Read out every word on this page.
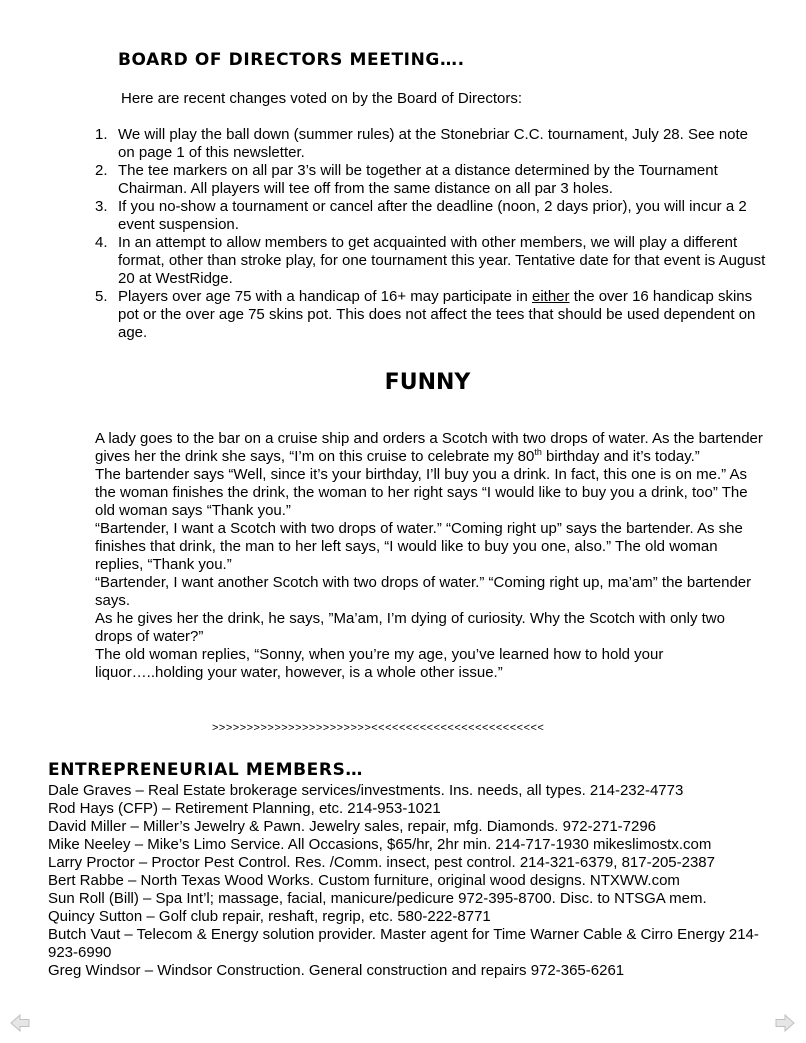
BOARD OF DIRECTORS MEETING….

Here are recent changes voted on by the Board of Directors:

1. We will play the ball down (summer rules) at the Stonebriar C.C. tournament, July 28. See note on page 1 of this newsletter.
2. The tee markers on all par 3’s will be together at a distance determined by the Tournament Chairman. All players will tee off from the same distance on all par 3 holes.
3. If you no-show a tournament or cancel after the deadline (noon, 2 days prior), you will incur a 2 event suspension.
4. In an attempt to allow members to get acquainted with other members, we will play a different format, other than stroke play, for one tournament this year. Tentative date for that event is August 20 at WestRidge.
5. Players over age 75 with a handicap of 16+ may participate in either the over 16 handicap skins pot or the over age 75 skins pot. This does not affect the tees that should be used dependent on age.
FUNNY

A lady goes to the bar on a cruise ship and orders a Scotch with two drops of water. As the bartender gives her the drink she says, “I’m on this cruise to celebrate my 80th birthday and it’s today.”

The bartender says “Well, since it’s your birthday, I’ll buy you a drink. In fact, this one is on me.” As the woman finishes the drink, the woman to her right says “I would like to buy you a drink, too” The old woman says “Thank you.”

“Bartender, I want a Scotch with two drops of water.” “Coming right up” says the bartender. As she finishes that drink, the man to her left says, “I would like to buy you one, also.” The old woman replies, “Thank you.”

“Bartender, I want another Scotch with two drops of water.” “Coming right up, ma’am” the bartender says.

As he gives her the drink, he says, ”Ma’am, I’m dying of curiosity. Why the Scotch with only two drops of water?”

The old woman replies, “Sonny, when you’re my age, you’ve learned how to hold your liquor…..holding your water, however, is a whole other issue.”

>>>>>>>>>>>>>>>>>>>>>>><<<<<<<<<<<<<<<<<<<<<<<<<

ENTREPRENEURIAL MEMBERS…
Dale Graves – Real Estate brokerage services/investments. Ins. needs, all types. 214-232-4773
Rod Hays (CFP) – Retirement Planning, etc. 214-953-1021
David Miller – Miller’s Jewelry & Pawn. Jewelry sales, repair, mfg. Diamonds. 972-271-7296
Mike Neeley – Mike’s Limo Service. All Occasions, $65/hr, 2hr min. 214-717-1930 mikeslimostx.com
Larry Proctor – Proctor Pest Control. Res. /Comm. insect, pest control. 214-321-6379, 817-205-2387
Bert Rabbe – North Texas Wood Works. Custom furniture, original wood designs. NTXWW.com
Sun Roll (Bill) – Spa Int’l; massage, facial, manicure/pedicure 972-395-8700. Disc. to NTSGA mem.
Quincy Sutton – Golf club repair, reshaft, regrip, etc. 580-222-8771
Butch Vaut – Telecom & Energy solution provider. Master agent for Time Warner Cable & Cirro Energy 214-923-6990
Greg Windsor – Windsor Construction. General construction and repairs 972-365-6261
